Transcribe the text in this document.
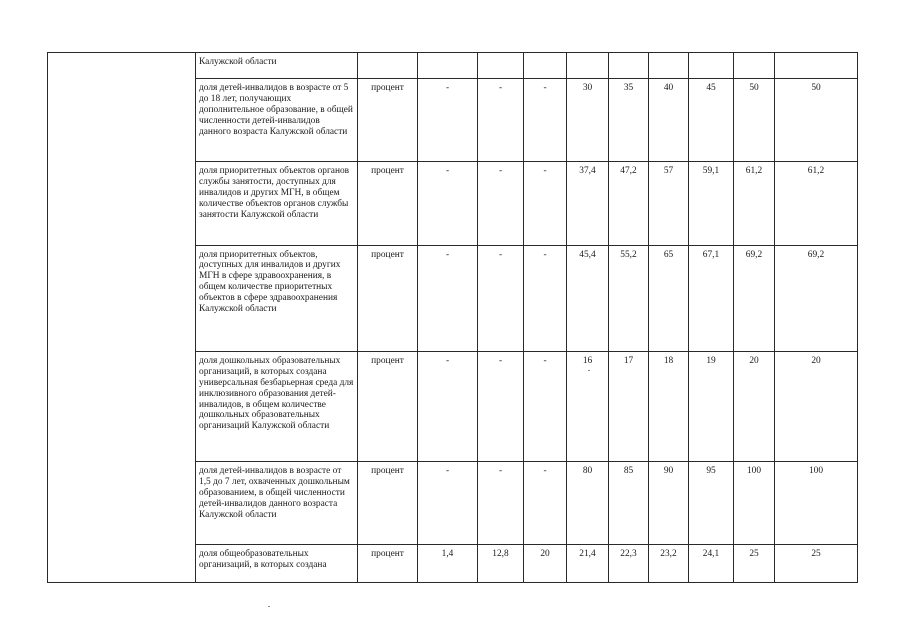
	Калужской области										
	доля детей-инвалидов в возрасте от 5 до 18 лет, получающих дополнительное образование, в общей численности детей-инвалидов данного возраста Калужской области	процент	-	-	-	30	35	40	45	50	50
	доля приоритетных объектов органов службы занятости, доступных для инвалидов и других МГН, в общем количестве объектов органов службы занятости Калужской области	процент	-	-	-	37,4	47,2	57	59,1	61,2	61,2
	доля приоритетных объектов, доступных для инвалидов и других МГН в сфере здравоохранения, в общем количестве приоритетных объектов в сфере здравоохранения Калужской области	процент	-	-	-	45,4	55,2	65	67,1	69,2	69,2
	доля дошкольных образовательных организаций, в которых создана универсальная безбарьерная среда для инклюзивного образования детей-инвалидов, в общем количестве дошкольных образовательных организаций Калужской области	процент	-	-	-	16	17	18	19	20	20
	доля детей-инвалидов в возрасте от 1,5 до 7 лет, охваченных дошкольным образованием, в общей численности детей-инвалидов данного возраста Калужской области	процент	-	-	-	80	85	90	95	100	100
	доля общеобразовательных организаций, в которых создана	процент	1,4	12,8	20	21,4	22,3	23,2	24,1	25	25
